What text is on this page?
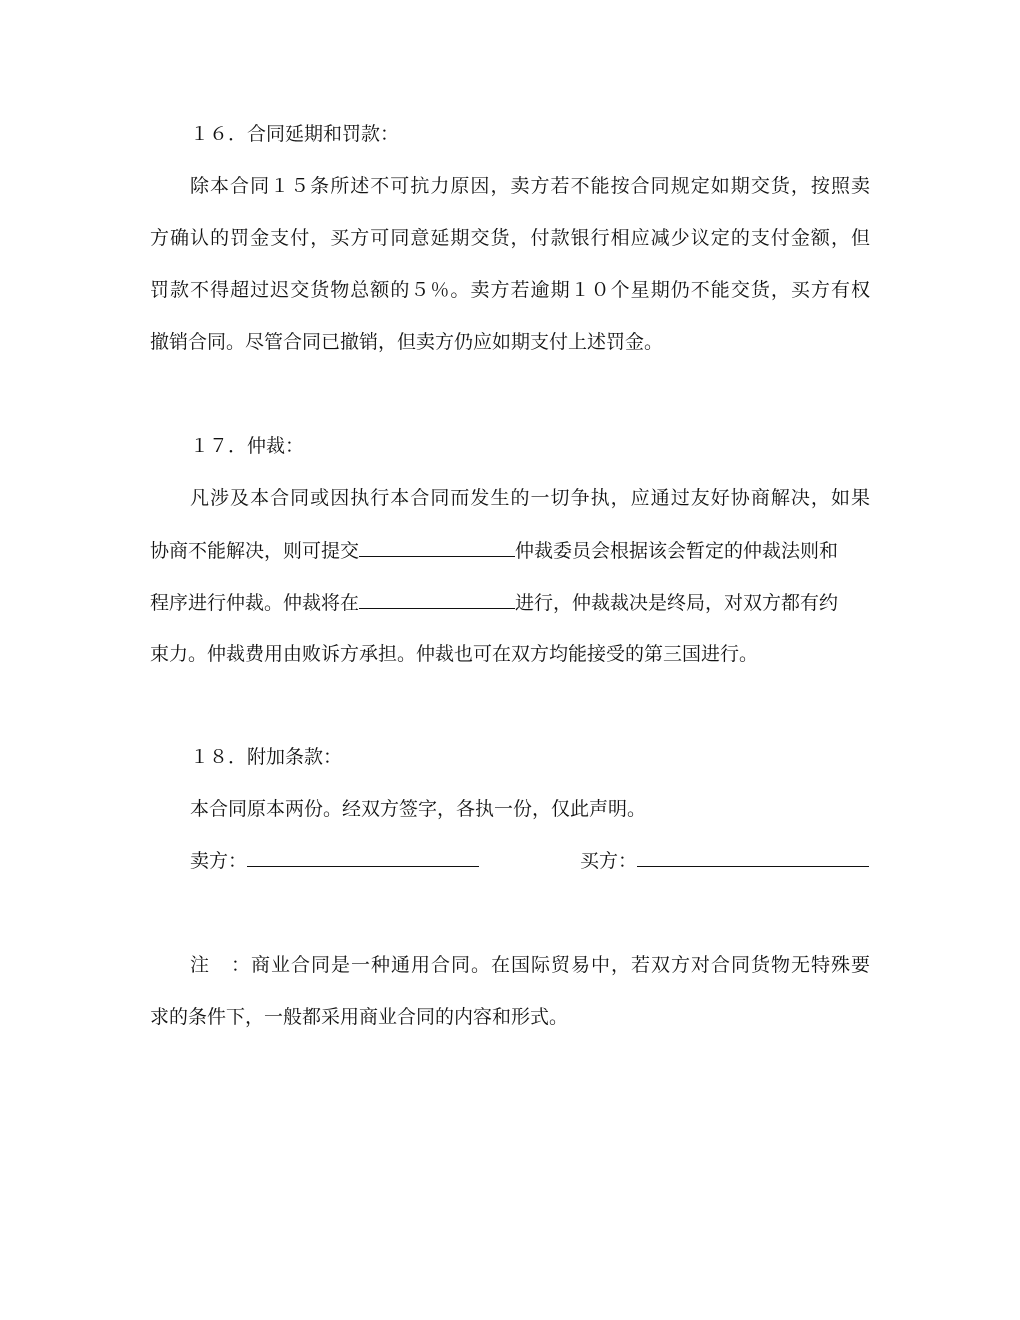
１６．合同延期和罚款：
除本合同１５条所述不可抗力原因，卖方若不能按合同规定如期交货，按照卖
方确认的罚金支付，买方可同意延期交货，付款银行相应减少议定的支付金额，但
罚款不得超过迟交货物总额的５％。卖方若逾期１０个星期仍不能交货，买方有权
撤销合同。尽管合同已撤销，但卖方仍应如期支付上述罚金。
１７．仲裁：
凡涉及本合同或因执行本合同而发生的一切争执，应通过友好协商解决，如果
协商不能解决，则可提交	仲裁委员会根据该会暂定的仲裁法则和
程序进行仲裁。仲裁将在	进行，仲裁裁决是终局，对双方都有约
束力。仲裁费用由败诉方承担。仲裁也可在双方均能接受的第三国进行。
１８．附加条款：
本合同原本两份。经双方签字，各执一份，仅此声明。
卖方：	买方：
注：商业合同是一种通用合同。在国际贸易中，若双方对合同货物无特殊要
求的条件下，一般都采用商业合同的内容和形式。
